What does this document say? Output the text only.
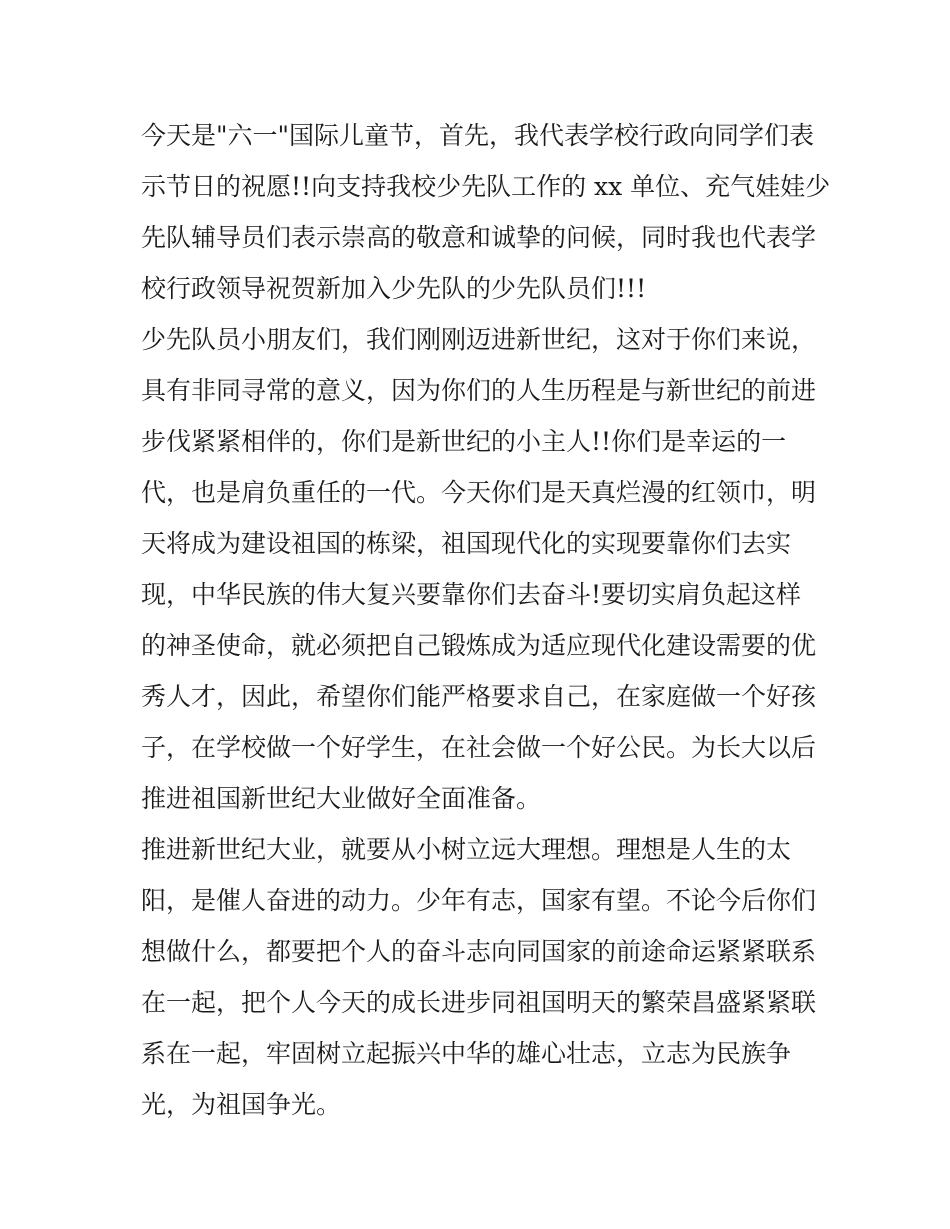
今天是"六一"国际儿童节，首先，我代表学校行政向同学们表
示节日的祝愿!!向支持我校少先队工作的 xx 单位、充气娃娃少
先队辅导员们表示崇高的敬意和诚挚的问候，同时我也代表学
校行政领导祝贺新加入少先队的少先队员们!!!
少先队员小朋友们，我们刚刚迈进新世纪，这对于你们来说，
具有非同寻常的意义，因为你们的人生历程是与新世纪的前进
步伐紧紧相伴的，你们是新世纪的小主人!!你们是幸运的一
代，也是肩负重任的一代。今天你们是天真烂漫的红领巾，明
天将成为建设祖国的栋梁，祖国现代化的实现要靠你们去实
现，中华民族的伟大复兴要靠你们去奋斗!要切实肩负起这样
的神圣使命，就必须把自己锻炼成为适应现代化建设需要的优
秀人才，因此，希望你们能严格要求自己，在家庭做一个好孩
子，在学校做一个好学生，在社会做一个好公民。为长大以后
推进祖国新世纪大业做好全面准备。
推进新世纪大业，就要从小树立远大理想。理想是人生的太
阳，是催人奋进的动力。少年有志，国家有望。不论今后你们
想做什么，都要把个人的奋斗志向同国家的前途命运紧紧联系
在一起，把个人今天的成长进步同祖国明天的繁荣昌盛紧紧联
系在一起，牢固树立起振兴中华的雄心壮志，立志为民族争
光，为祖国争光。
